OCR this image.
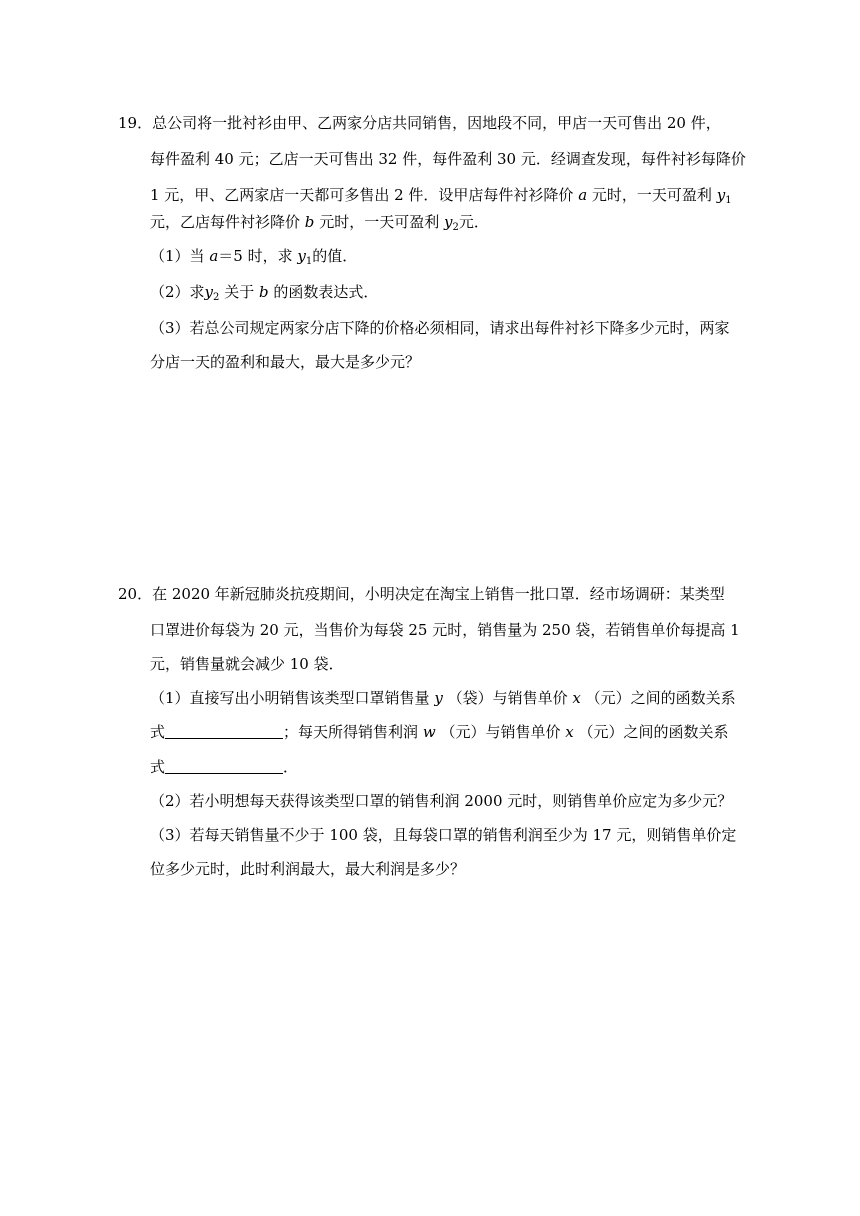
19．总公司将一批衬衫由甲、乙两家分店共同销售，因地段不同，甲店一天可售出 20 件，
每件盈利 40 元；乙店一天可售出 32 件，每件盈利 30 元．经调查发现，每件衬衫每降价
1 元，甲、乙两家店一天都可多售出 2 件．设甲店每件衬衫降价 a 元时，一天可盈利 $y_1$
元，乙店每件衬衫降价 b 元时，一天可盈利 $y_2$元．
（1）当 a＝5 时，求 $y_1$的值．
（2）求$y_2$ 关于 b 的函数表达式．
（3）若总公司规定两家分店下降的价格必须相同，请求出每件衬衫下降多少元时，两家
分店一天的盈利和最大，最大是多少元？
20．在 2020 年新冠肺炎抗疫期间，小明决定在淘宝上销售一批口罩．经市场调研：某类型
口罩进价每袋为 20 元，当售价为每袋 25 元时，销售量为 250 袋，若销售单价每提高 1
元，销售量就会减少 10 袋．
（1）直接写出小明销售该类型口罩销售量 y （袋）与销售单价 x （元）之间的函数关系
式	；每天所得销售利润 w （元）与销售单价 x （元）之间的函数关系
式	．
（2）若小明想每天获得该类型口罩的销售利润 2000 元时，则销售单价应定为多少元？
（3）若每天销售量不少于 100 袋，且每袋口罩的销售利润至少为 17 元，则销售单价定
位多少元时，此时利润最大，最大利润是多少？
